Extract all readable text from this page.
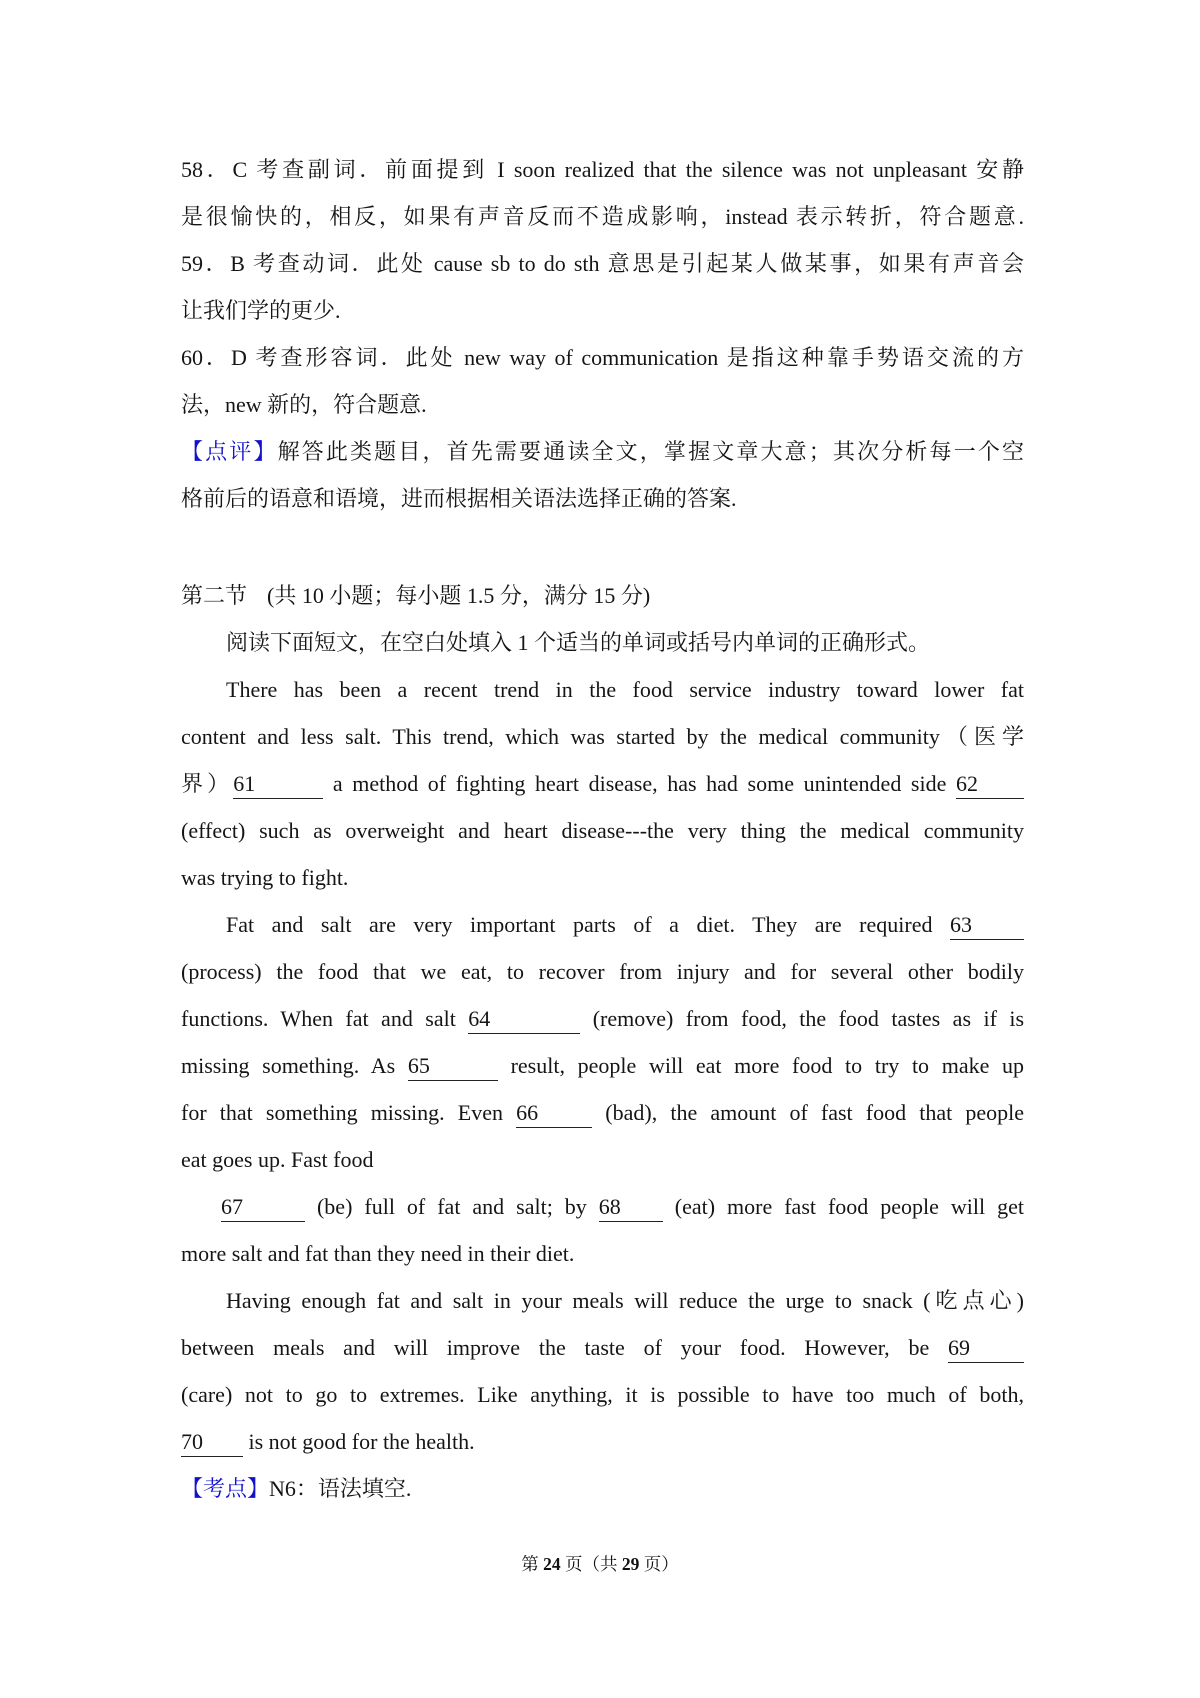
58．C 考查副词．前面提到 I soon realized that the silence was not unpleasant 安静
是很愉快的，相反，如果有声音反而不造成影响，instead 表示转折，符合题意.
59．B 考查动词．此处 cause sb to do sth 意思是引起某人做某事，如果有声音会
让我们学的更少.
60．D 考查形容词．此处 new way of communication 是指这种靠手势语交流的方
法，new 新的，符合题意.
【点评】解答此类题目，首先需要通读全文，掌握文章大意；其次分析每一个空
格前后的语意和语境，进而根据相关语法选择正确的答案.
第二节 (共 10 小题；每小题 1.5 分，满分 15 分)
阅读下面短文，在空白处填入 1 个适当的单词或括号内单词的正确形式。
There has been a recent trend in the food service industry toward lower fat
content and less salt. This trend, which was started by the medical community（医学
界）61	a method of fighting heart disease, has had some unintended side 62
(effect) such as overweight and heart disease---the very thing the medical community
was trying to fight.
Fat and salt are very important parts of a diet. They are required 63
(process) the food that we eat, to recover from injury and for several other bodily
functions. When fat and salt 64	(remove) from food, the food tastes as if is
missing something. As 65	result, people will eat more food to try to make up
for that something missing. Even 66	(bad), the amount of fast food that people
eat goes up. Fast food
67	(be) full of fat and salt; by 68 (eat) more fast food people will get
more salt and fat than they need in their diet.
Having enough fat and salt in your meals will reduce the urge to snack (吃点心)
between meals and will improve the taste of your food. However, be 69
(care) not to go to extremes. Like anything, it is possible to have too much of both,
70 is not good for the health.
【考点】N6：语法填空.
第 24 页（共 29 页）
